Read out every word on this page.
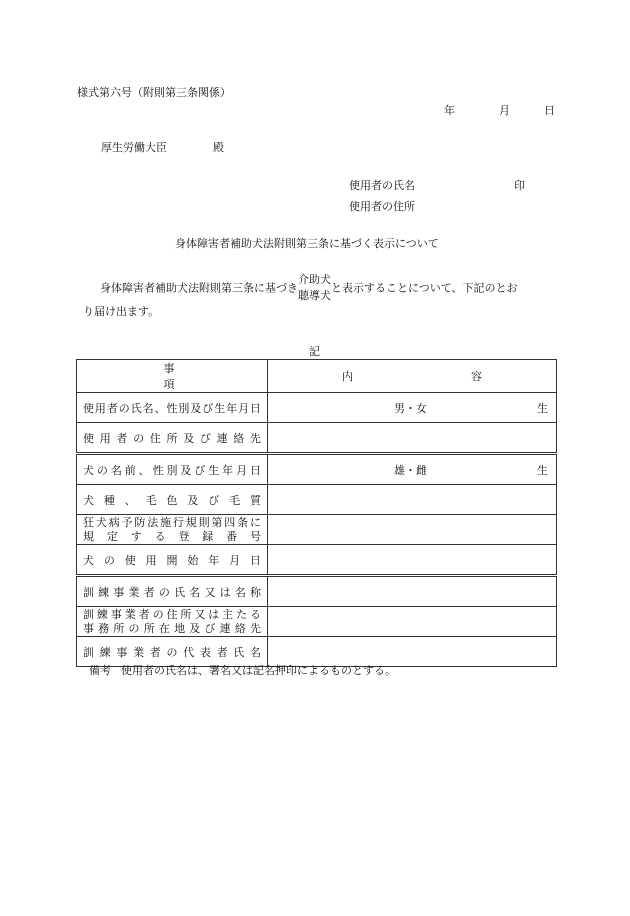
様式第六号（附則第三条関係）
年	月	日
厚生労働大臣	殿
使用者の氏名	印
使用者の住所
身体障害者補助犬法附則第三条に基づく表示について
身体障害者補助犬法附則第三条に基づき
介助犬
聴導犬
と表示することについて、下記のとお
り届け出ます。
記
事項	内 容
使用者の氏名、性別及び生年月日	男・女 生

使用者の住所及び連絡先	
犬の名前、性別及び生年月日	雄・雌 生

犬種、毛色及び毛質	

狂犬病予防法施行規則第四条に
規定する登録番号	

犬の使用開始年月日	
訓練事業者の氏名又は名称	

訓練事業者の住所又は主たる
事務所の所在地及び連絡先	

訓練事業者の代表者氏名	
備考 使用者の氏名は、署名又は記名押印によるものとする。
